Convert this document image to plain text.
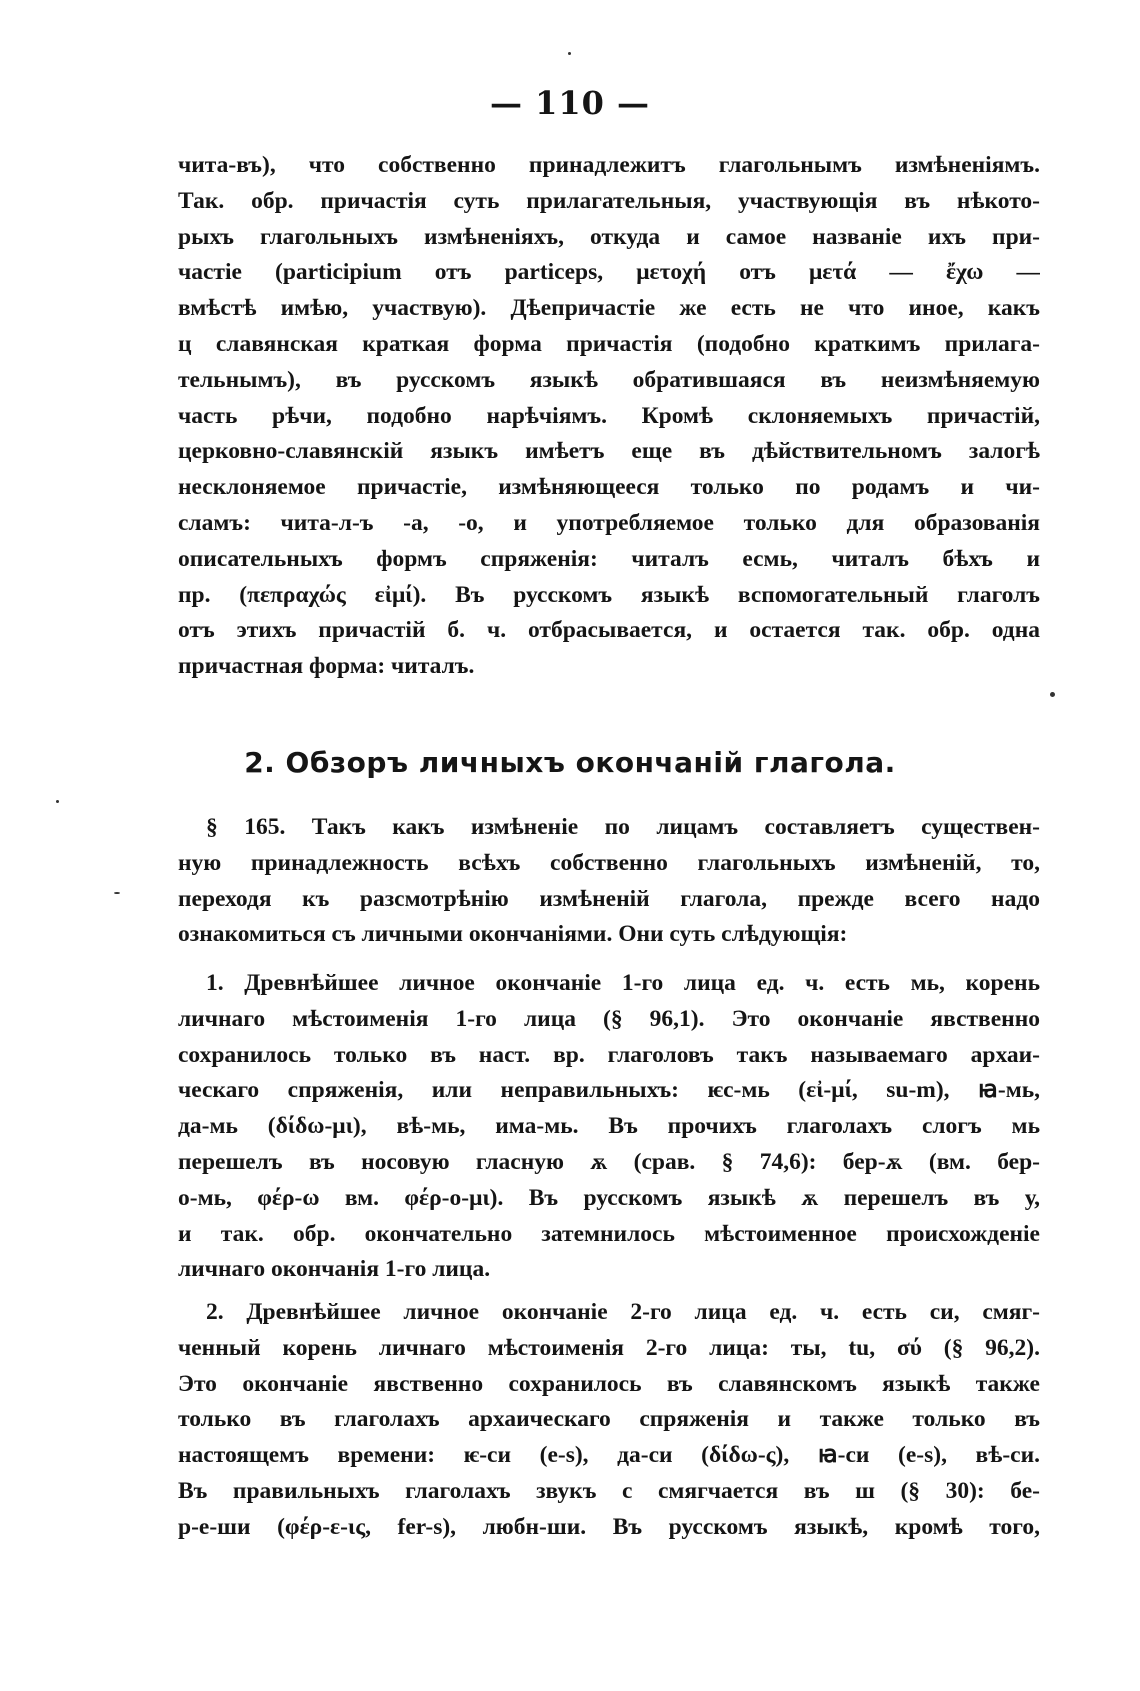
— 110 —
чита-въ), что собственно принадлежитъ глагольнымъ измѣненіямъ.
Так. обр. причастія суть прилагательныя, участвующія въ нѣкото-
рыхъ глагольныхъ измѣненіяхъ, откуда и самое названіе ихъ при-
частіе (participium отъ particeps, μετοχή отъ μετά — ἔχω —
вмѣстѣ имѣю, участвую). Дѣепричастіе же есть не что иное, какъ
ц славянская краткая форма причастія (подобно краткимъ прилага-
тельнымъ), въ русскомъ языкѣ обратившаяся въ неизмѣняемую
часть рѣчи, подобно нарѣчіямъ. Кромѣ склоняемыхъ причастій,
церковно-славянскій языкъ имѣетъ еще въ дѣйствительномъ залогѣ
несклоняемое причастіе, измѣняющееся только по родамъ и чи-
сламъ: чита-л-ъ -а, -о, и употребляемое только для образованія
описательныхъ формъ спряженія: читалъ есмь, читалъ бѣхъ и
пр. (πεπραχώς εἰμί). Въ русскомъ языкѣ вспомогательный глаголъ
отъ этихъ причастій б. ч. отбрасывается, и остается так. обр. одна
причастная форма: читалъ.
2. Обзоръ личныхъ окончаній глагола.
§ 165. Такъ какъ измѣненіе по лицамъ составляетъ существен-
ную принадлежность всѣхъ собственно глагольныхъ измѣненій, то,
переходя къ разсмотрѣнію измѣненій глагола, прежде всего надо
ознакомиться съ личными окончаніями. Они суть слѣдующія:
1. Древнѣйшее личное окончаніе 1-го лица ед. ч. есть мь, корень
личнаго мѣстоименія 1-го лица (§ 96,1). Это окончаніе явственно
сохранилось только въ наст. вр. глаголовъ такъ называемаго архаи-
ческаго спряженія, или неправильныхъ: ѥс-мь (εἰ-μί, su-m), ꙗ-мь,
да-мь (δίδω-μι), вѣ-мь, има-мь. Въ прочихъ глаголахъ слогъ мь
перешелъ въ носовую гласную ѫ (срав. § 74,6): бер-ѫ (вм. бер-
о-мь, φέρ-ω вм. φέρ-ο-μι). Въ русскомъ языкѣ ѫ перешелъ въ у,
и так. обр. окончательно затемнилось мѣстоименное происхожденіе
личнаго окончанія 1-го лица.
2. Древнѣйшее личное окончаніе 2-го лица ед. ч. есть си, смяг-
ченный корень личнаго мѣстоименія 2-го лица: ты, tu, σύ (§ 96,2).
Это окончаніе явственно сохранилось въ славянскомъ языкѣ также
только въ глаголахъ архаическаго спряженія и также только въ
настоящемъ времени: ѥ-си (e-s), да-си (δίδω-ς), ꙗ-си (e-s), вѣ-си.
Въ правильныхъ глаголахъ звукъ с смягчается въ ш (§ 30): бе-
р-е-ши (φέρ-ε-ις, fer-s), любн-ши. Въ русскомъ языкѣ, кромѣ того,
